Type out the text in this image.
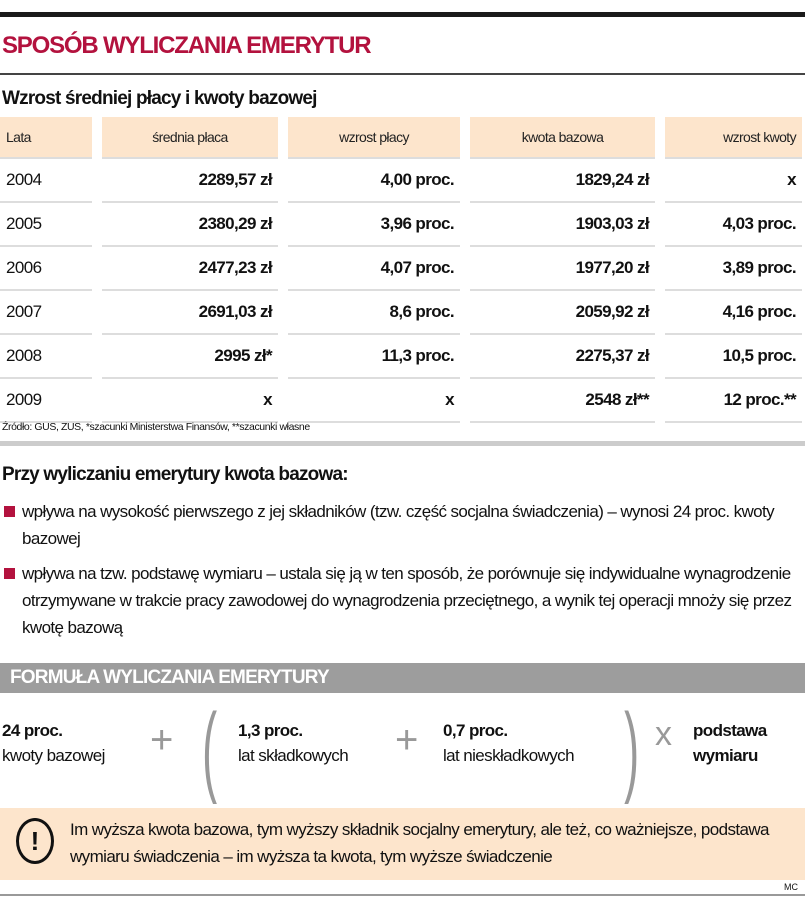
SPOSÓB WYLICZANIA EMERYTUR
Wzrost średniej płacy i kwoty bazowej
Lata		średnia płaca		wzrost płacy		kwota bazowa		wzrost kwoty
2004		2289,57 zł		4,00 proc.		1829,24 zł		x
2005		2380,29 zł		3,96 proc.		1903,03 zł		4,03 proc.
2006		2477,23 zł		4,07 proc.		1977,20 zł		3,89 proc.
2007		2691,03 zł		8,6 proc.		2059,92 zł		4,16 proc.
2008		2995 zł*		11,3 proc.		2275,37 zł		10,5 proc.
2009		x		x		2548 zł**		12 proc.**
Źródło: GUS, ZUS, *szacunki Ministerstwa Finansów, **szacunki własne
Przy wyliczaniu emerytury kwota bazowa:
wpływa na wysokość pierwszego z jej składników (tzw. część socjalna świadczenia) – wynosi 24 proc. kwoty bazowej
wpływa na tzw. podstawę wymiaru – ustala się ją w ten sposób, że porównuje się indywidualne wynagrodzenie otrzymywane w trakcie pracy zawodowej do wynagrodzenia przeciętnego, a wynik tej operacji mnoży się przez kwotę bazową
FORMUŁA WYLICZANIA EMERYTURY
24 proc.
kwoty bazowej + ( 1,3 proc.
lat składkowych + 0,7 proc.
lat nieskładkowych ) x podstawa
wymiaru
!	Im wyższa kwota bazowa, tym wyższy składnik socjalny emerytury, ale też, co ważniejsze, podstawa wymiaru świadczenia – im wyższa ta kwota, tym wyższe świadczenie
MC
